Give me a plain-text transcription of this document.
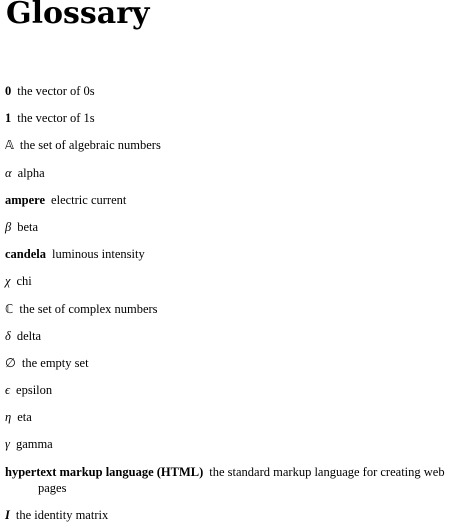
Glossary
0 the vector of 0s
1 the vector of 1s
𝔸 the set of algebraic numbers
α alpha
ampere electric current
β beta
candela luminous intensity
χ chi
ℂ the set of complex numbers
δ delta
∅ the empty set
ϵ epsilon
η eta
γ gamma
hypertext markup language (HTML) the standard markup language for creating web pages
I the identity matrix
